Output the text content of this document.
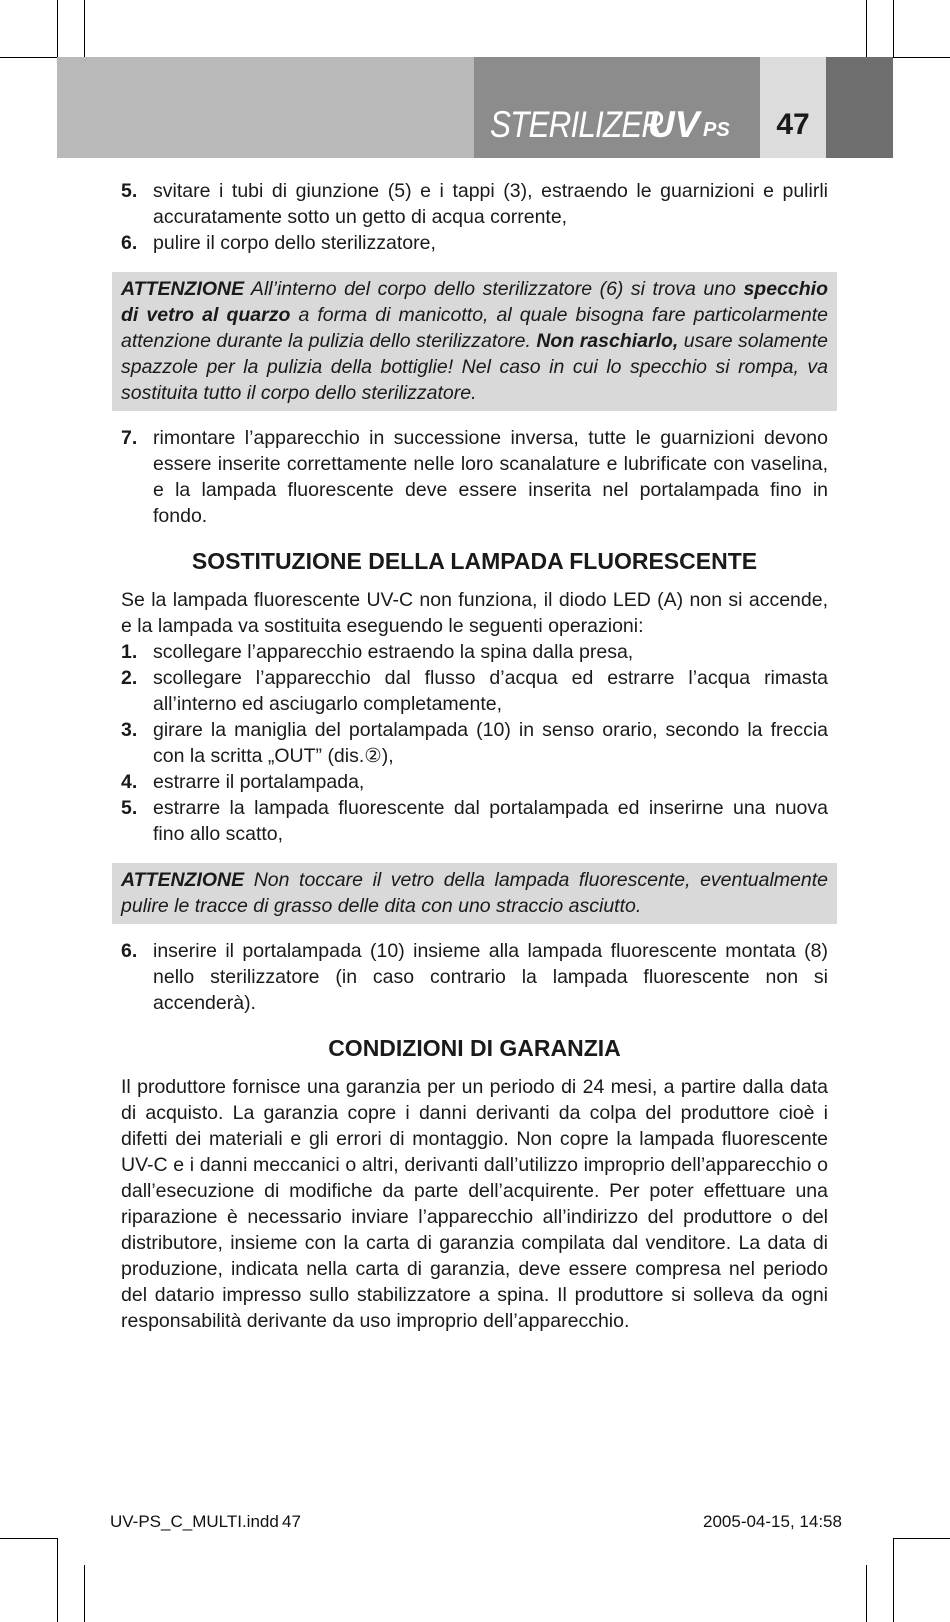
STERILIZER
UV PS	47
5. svitare i tubi di giunzione (5) e i tappi (3), estraendo le guarnizioni e pulirli accuratamente sotto un getto di acqua corrente,
6. pulire il corpo dello sterilizzatore,
ATTENZIONE All’interno del corpo dello sterilizzatore (6) si trova uno specchio di vetro al quarzo a forma di manicotto, al quale bisogna fare particolarmente attenzione durante la pulizia dello sterilizzatore. Non raschiarlo, usare solamente spazzole per la pulizia della bottiglie! Nel caso in cui lo specchio si rompa, va sostituita tutto il corpo dello sterilizzatore.
7. rimontare l’apparecchio in successione inversa, tutte le guarnizioni devono essere inserite correttamente nelle loro scanalature e lubrificate con vaselina, e la lampada fluorescente deve essere inserita nel portalampada fino in fondo.
SOSTITUZIONE DELLA LAMPADA FLUORESCENTE
Se la lampada fluorescente UV-C non funziona, il diodo LED (A) non si accende, e la lampada va sostituita eseguendo le seguenti operazioni:
1. scollegare l’apparecchio estraendo la spina dalla presa,
2. scollegare l’apparecchio dal flusso d’acqua ed estrarre l’acqua rimasta all’interno ed asciugarlo completamente,
3. girare la maniglia del portalampada (10) in senso orario, secondo la freccia con la scritta „OUT” (dis.②),
4. estrarre il portalampada,
5. estrarre la lampada fluorescente dal portalampada ed inserirne una nuova fino allo scatto,
ATTENZIONE Non toccare il vetro della lampada fluorescente, eventualmente pulire le tracce di grasso delle dita con uno straccio asciutto.
6. inserire il portalampada (10) insieme alla lampada fluorescente montata (8) nello sterilizzatore (in caso contrario la lampada fluorescente non si accenderà).
CONDIZIONI DI GARANZIA
Il produttore fornisce una garanzia per un periodo di 24 mesi, a partire dalla data di acquisto. La garanzia copre i danni derivanti da colpa del produttore cioè i difetti dei materiali e gli errori di montaggio. Non copre la lampada fluorescente UV-C e i danni meccanici o altri, derivanti dall’utilizzo improprio dell’apparecchio o dall’esecuzione di modifiche da parte dell’acquirente. Per poter effettuare una riparazione è necessario inviare l’apparecchio all’indirizzo del produttore o del distributore, insieme con la carta di garanzia compilata dal venditore. La data di produzione, indicata nella carta di garanzia, deve essere compresa nel periodo del datario impresso sullo stabilizzatore a spina. Il produttore si solleva da ogni responsabilità derivante da uso improprio dell’apparecchio.
UV-PS_C_MULTI.indd 47	2005-04-15, 14:58
